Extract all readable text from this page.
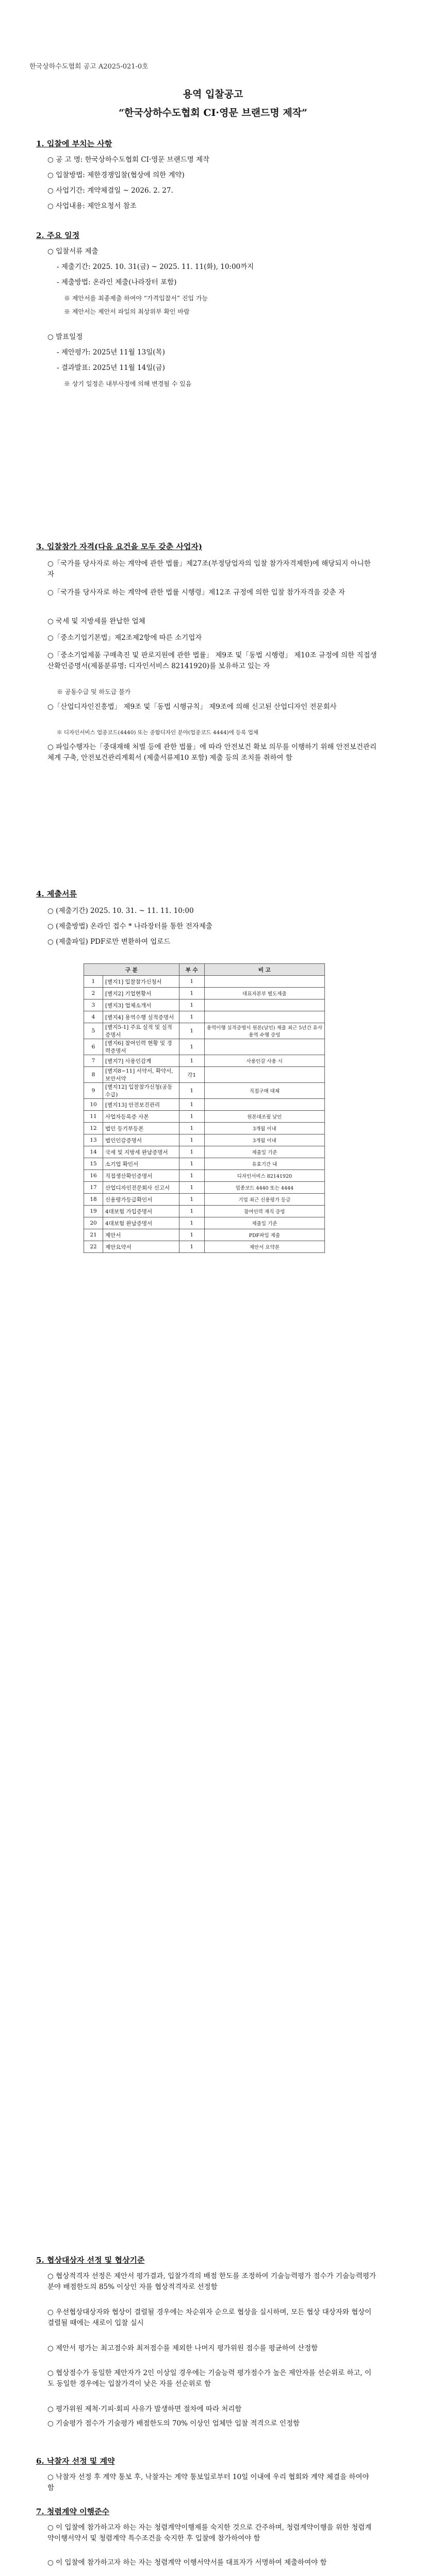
한국상하수도협회 공고 A2025-021-0호
용역 입찰공고
“한국상하수도협회 CI·영문 브랜드명 제작”
1. 입찰에 부치는 사항
○ 공 고 명: 한국상하수도협회 CI·영문 브랜드명 제작
○ 입찰방법: 제한경쟁입찰(협상에 의한 계약)
○ 사업기간: 계약체결일 ~ 2026. 2. 27.
○ 사업내용: 제안요청서 참조
2. 주요 일정
○ 입찰서류 제출
- 제출기간: 2025. 10. 31(금) ~ 2025. 11. 11(화), 10:00까지
- 제출방법: 온라인 제출(나라장터 포함)
※ 제안서를 최종제출 하여야 “가격입찰서” 진입 가능
※ 제안서는 제안서 파일의 최상위부 확인 바람
○ 발표일정
- 제안평가: 2025년 11월 13일(목)
- 결과발표: 2025년 11월 14일(금)
※ 상기 일정은 내부사정에 의해 변경될 수 있음
3. 입찰참가 자격(다음 요건을 모두 갖춘 사업자)
○「국가를 당사자로 하는 계약에 관한 법률」제27조(부정당업자의 입찰 참가자격제한)에 해당되지 아니한 자
○「국가를 당사자로 하는 계약에 관한 법률 시행령」제12조 규정에 의한 입찰 참가자격을 갖춘 자
○ 국세 및 지방세를 완납한 업체
○「중소기업기본법」제2조제2항에 따른 소기업자
○「중소기업제품 구매촉진 및 판로지원에 관한 법률」 제9조 및「동법 시행령」 제10조 규정에 의한 직접생산확인증명서(제품분류명: 디자인서비스 82141920)를 보유하고 있는 자
※ 공동수급 및 하도급 불가
○「산업디자인진흥법」 제9조 및「동법 시행규칙」 제9조에 의해 신고된 산업디자인 전문회사
※ 디자인서비스 업종코드(4440) 또는 종합디자인 분야(업종코드 4444)에 등록 업체
○ 파일수행자는「중대재해 처벌 등에 관한 법률」에 따라 안전보건 확보 의무를 이행하기 위해 안전보건관리체계 구축, 안전보건관리계획서 (제출서류제10 포함) 제출 등의 조치를 취하여 함
4. 제출서류
○ (제출기간) 2025. 10. 31. ~ 11. 11. 10:00
○ (제출방법) 온라인 접수 * 나라장터를 통한 전자제출
○ (제출파일) PDF로만 변환하여 업로드
구 분		부 수	비 고
1	[별지1] 입찰참가신청서	1	
2	[별지2] 기업현황서	1	대표자본부 별도제출
3	[별지3] 업체소개서	1	
4	[별지4] 용역수행 실적증명서	1	
5	[별지5-1] 주요 실적 및 실적증명서	1	용역이행 실적증명서 원본(날인) 제출 최근 5년간 유사용역 수행 증빙
6	[별지6] 참여인력 현황 및 경력증명서	1	
7	[별지7] 사용인감계	1	사용인감 사용 시
8	[별지8~11] 서약서, 확약서, 보안서약	각1	
9	[별지12] 입찰참가신청(공동수급)	1	직접구매 대체
10	[별지13] 안전보건관리	1	
11	사업자등록증 사본	1	원본대조필 날인
12	법인 등기부등본	1	3개월 이내
13	법인인감증명서	1	3개월 이내
14	국세 및 지방세 완납증명서	1	제출일 기준
15	소기업 확인서	1	유효기간 내
16	직접생산확인증명서	1	디자인서비스 82141920
17	산업디자인전문회사 신고서	1	업종코드 4440 또는 4444
18	신용평가등급확인서	1	기업 최근 신용평가 등급
19	4대보험 가입증명서	1	참여인력 재직 증빙
20	4대보험 완납증명서	1	제출일 기준
21	제안서	1	PDF파일 제출
22	제안요약서	1	제안서 요약본
5. 협상대상자 선정 및 협상기준
○ 협상적격자 선정은 제안서 평가결과, 입찰가격의 배점 한도를 조정하여 기술능력평가 점수가 기술능력평가분야 배점한도의 85% 이상인 자를 협상적격자로 선정함
○ 우선협상대상자와 협상이 결렬될 경우에는 차순위자 순으로 협상을 실시하며, 모든 협상 대상자와 협상이 결렬될 때에는 새로이 입찰 실시
○ 제안서 평가는 최고점수와 최저점수를 제외한 나머지 평가위원 점수를 평균하여 산정함
○ 협상점수가 동일한 제안자가 2인 이상일 경우에는 기술능력 평가점수가 높은 제안자를 선순위로 하고, 이도 동일한 경우에는 입찰가격이 낮은 자를 선순위로 함
○ 평가위원 제척·기피·회피 사유가 발생하면 절차에 따라 처리함
○ 기술평가 점수가 기술평가 배점한도의 70% 이상인 업체만 입찰 적격으로 인정함
6. 낙찰자 선정 및 계약
○ 낙찰자 선정 후 계약 통보 후, 낙찰자는 계약 통보일로부터 10일 이내에 우리 협회와 계약 체결을 하여야 함
7. 청렴계약 이행준수
○ 이 입찰에 참가하고자 하는 자는 청렴계약이행제를 숙지한 것으로 간주하며, 청렴계약이행을 위한 청렴계약이행서약서 및 청렴계약 특수조건을 숙지한 후 입찰에 참가하여야 함
○ 이 입찰에 참가하고자 하는 자는 청렴계약 이행서약서를 대표자가 서명하여 제출하여야 함
